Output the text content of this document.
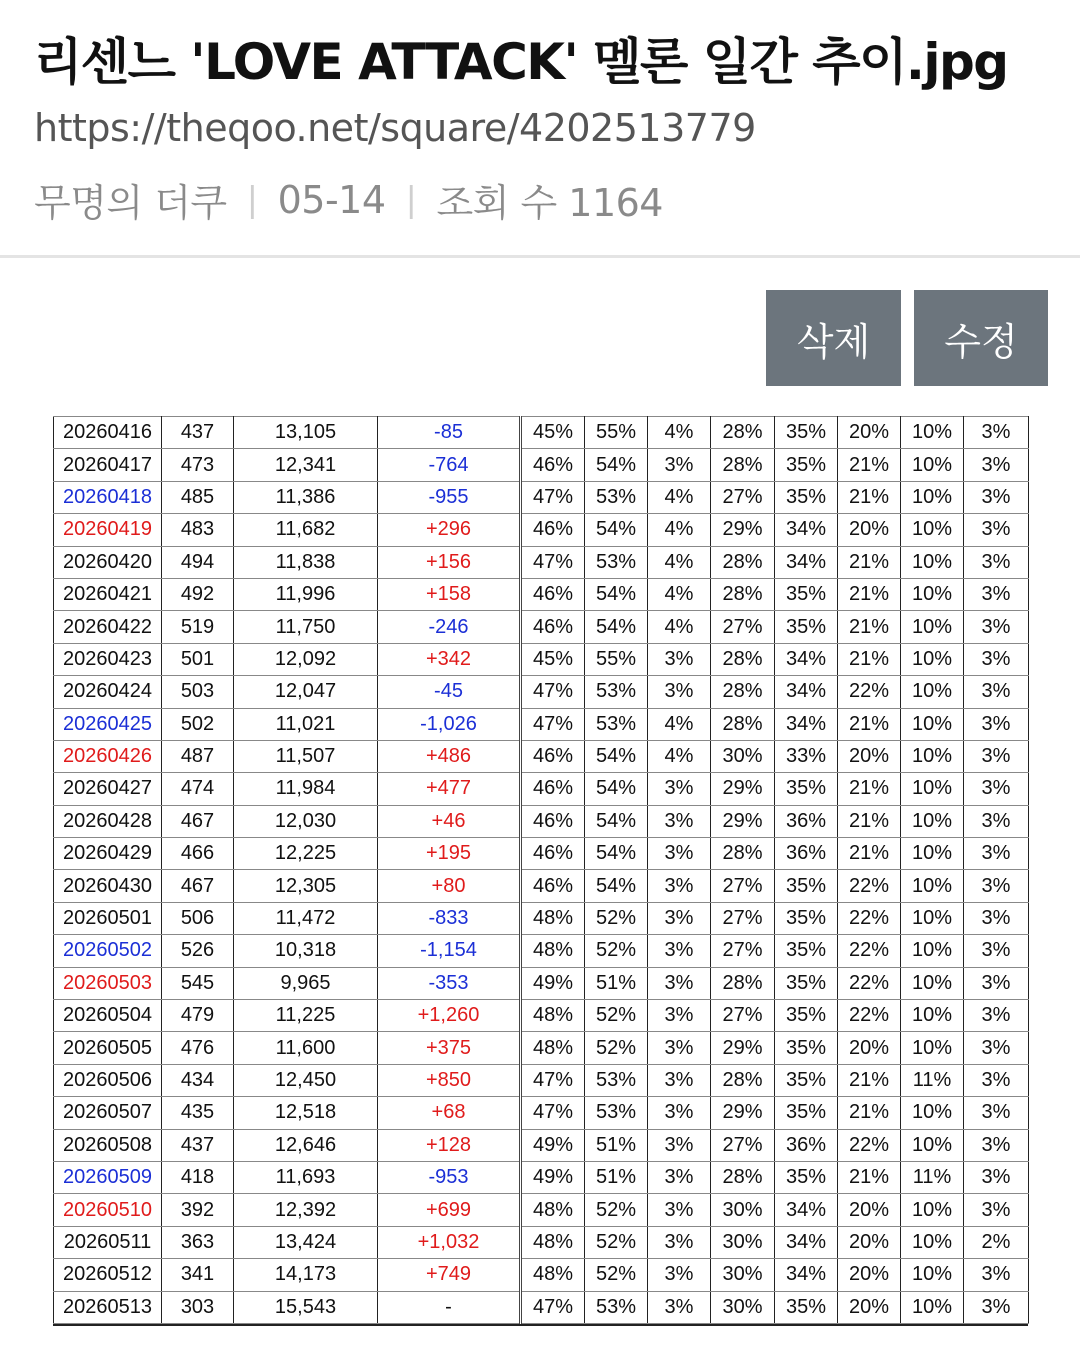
리센느 'LOVE ATTACK' 멜론 일간 추이.jpg
https://theqoo.net/square/4202513779
무명의 더쿠 | 05-14 | 조회 수 1164
삭제	수정
20260416	437	13,105	-85	45%	55%	4%	28%	35%	20%	10%	3%
20260417	473	12,341	-764	46%	54%	3%	28%	35%	21%	10%	3%
20260418	485	11,386	-955	47%	53%	4%	27%	35%	21%	10%	3%
20260419	483	11,682	+296	46%	54%	4%	29%	34%	20%	10%	3%
20260420	494	11,838	+156	47%	53%	4%	28%	34%	21%	10%	3%
20260421	492	11,996	+158	46%	54%	4%	28%	35%	21%	10%	3%
20260422	519	11,750	-246	46%	54%	4%	27%	35%	21%	10%	3%
20260423	501	12,092	+342	45%	55%	3%	28%	34%	21%	10%	3%
20260424	503	12,047	-45	47%	53%	3%	28%	34%	22%	10%	3%
20260425	502	11,021	-1,026	47%	53%	4%	28%	34%	21%	10%	3%
20260426	487	11,507	+486	46%	54%	4%	30%	33%	20%	10%	3%
20260427	474	11,984	+477	46%	54%	3%	29%	35%	21%	10%	3%
20260428	467	12,030	+46	46%	54%	3%	29%	36%	21%	10%	3%
20260429	466	12,225	+195	46%	54%	3%	28%	36%	21%	10%	3%
20260430	467	12,305	+80	46%	54%	3%	27%	35%	22%	10%	3%
20260501	506	11,472	-833	48%	52%	3%	27%	35%	22%	10%	3%
20260502	526	10,318	-1,154	48%	52%	3%	27%	35%	22%	10%	3%
20260503	545	9,965	-353	49%	51%	3%	28%	35%	22%	10%	3%
20260504	479	11,225	+1,260	48%	52%	3%	27%	35%	22%	10%	3%
20260505	476	11,600	+375	48%	52%	3%	29%	35%	20%	10%	3%
20260506	434	12,450	+850	47%	53%	3%	28%	35%	21%	11%	3%
20260507	435	12,518	+68	47%	53%	3%	29%	35%	21%	10%	3%
20260508	437	12,646	+128	49%	51%	3%	27%	36%	22%	10%	3%
20260509	418	11,693	-953	49%	51%	3%	28%	35%	21%	11%	3%
20260510	392	12,392	+699	48%	52%	3%	30%	34%	20%	10%	3%
20260511	363	13,424	+1,032	48%	52%	3%	30%	34%	20%	10%	2%
20260512	341	14,173	+749	48%	52%	3%	30%	34%	20%	10%	3%
20260513	303	15,543	-	47%	53%	3%	30%	35%	20%	10%	3%
